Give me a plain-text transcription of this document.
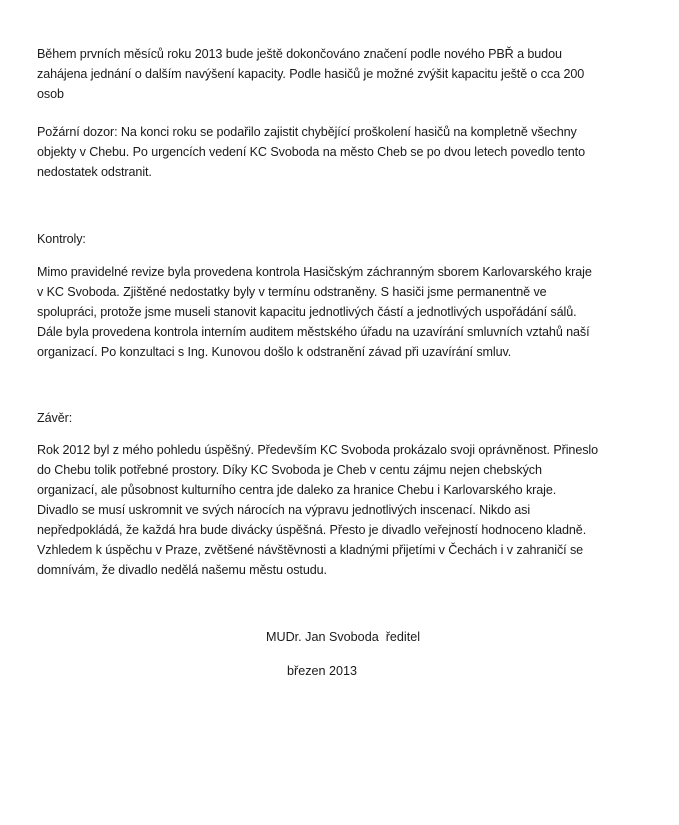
Během prvních měsíců roku 2013 bude ještě dokončováno značení podle nového PBŘ a budou
zahájena jednání o dalším navýšení kapacity. Podle hasičů je možné zvýšit kapacitu ještě o cca 200
osob
Požární dozor: Na konci roku se podařilo zajistit chybějící proškolení hasičů na kompletně všechny
objekty v Chebu. Po urgencích vedení KC Svoboda na město Cheb se po dvou letech povedlo tento
nedostatek odstranit.
Kontroly:
Mimo pravidelné revize byla provedena kontrola Hasičským záchranným sborem Karlovarského kraje
v KC Svoboda. Zjištěné nedostatky byly v termínu odstraněny. S hasiči jsme permanentně ve
spolupráci, protože jsme museli stanovit kapacitu jednotlivých částí a jednotlivých uspořádání sálů.
Dále byla provedena kontrola interním auditem městského úřadu na uzavírání smluvních vztahů naší
organizací. Po konzultaci s Ing. Kunovou došlo k odstranění závad při uzavírání smluv.
Závěr:
Rok 2012 byl z mého pohledu úspěšný. Především KC Svoboda prokázalo svoji oprávněnost. Přineslo
do Chebu tolik potřebné prostory. Díky KC Svoboda je Cheb v centu zájmu nejen chebských
organizací, ale působnost kulturního centra jde daleko za hranice Chebu i Karlovarského kraje.
Divadlo se musí uskromnit ve svých nárocích na výpravu jednotlivých inscenací. Nikdo asi
nepředpokládá, že každá hra bude divácky úspěšná. Přesto je divadlo veřejností hodnoceno kladně.
Vzhledem k úspěchu v Praze, zvětšené návštěvnosti a kladnými přijetími v Čechách i v zahraničí se
domnívám, že divadlo nedělá našemu městu ostudu.
MUDr. Jan Svoboda  ředitel
březen 2013
